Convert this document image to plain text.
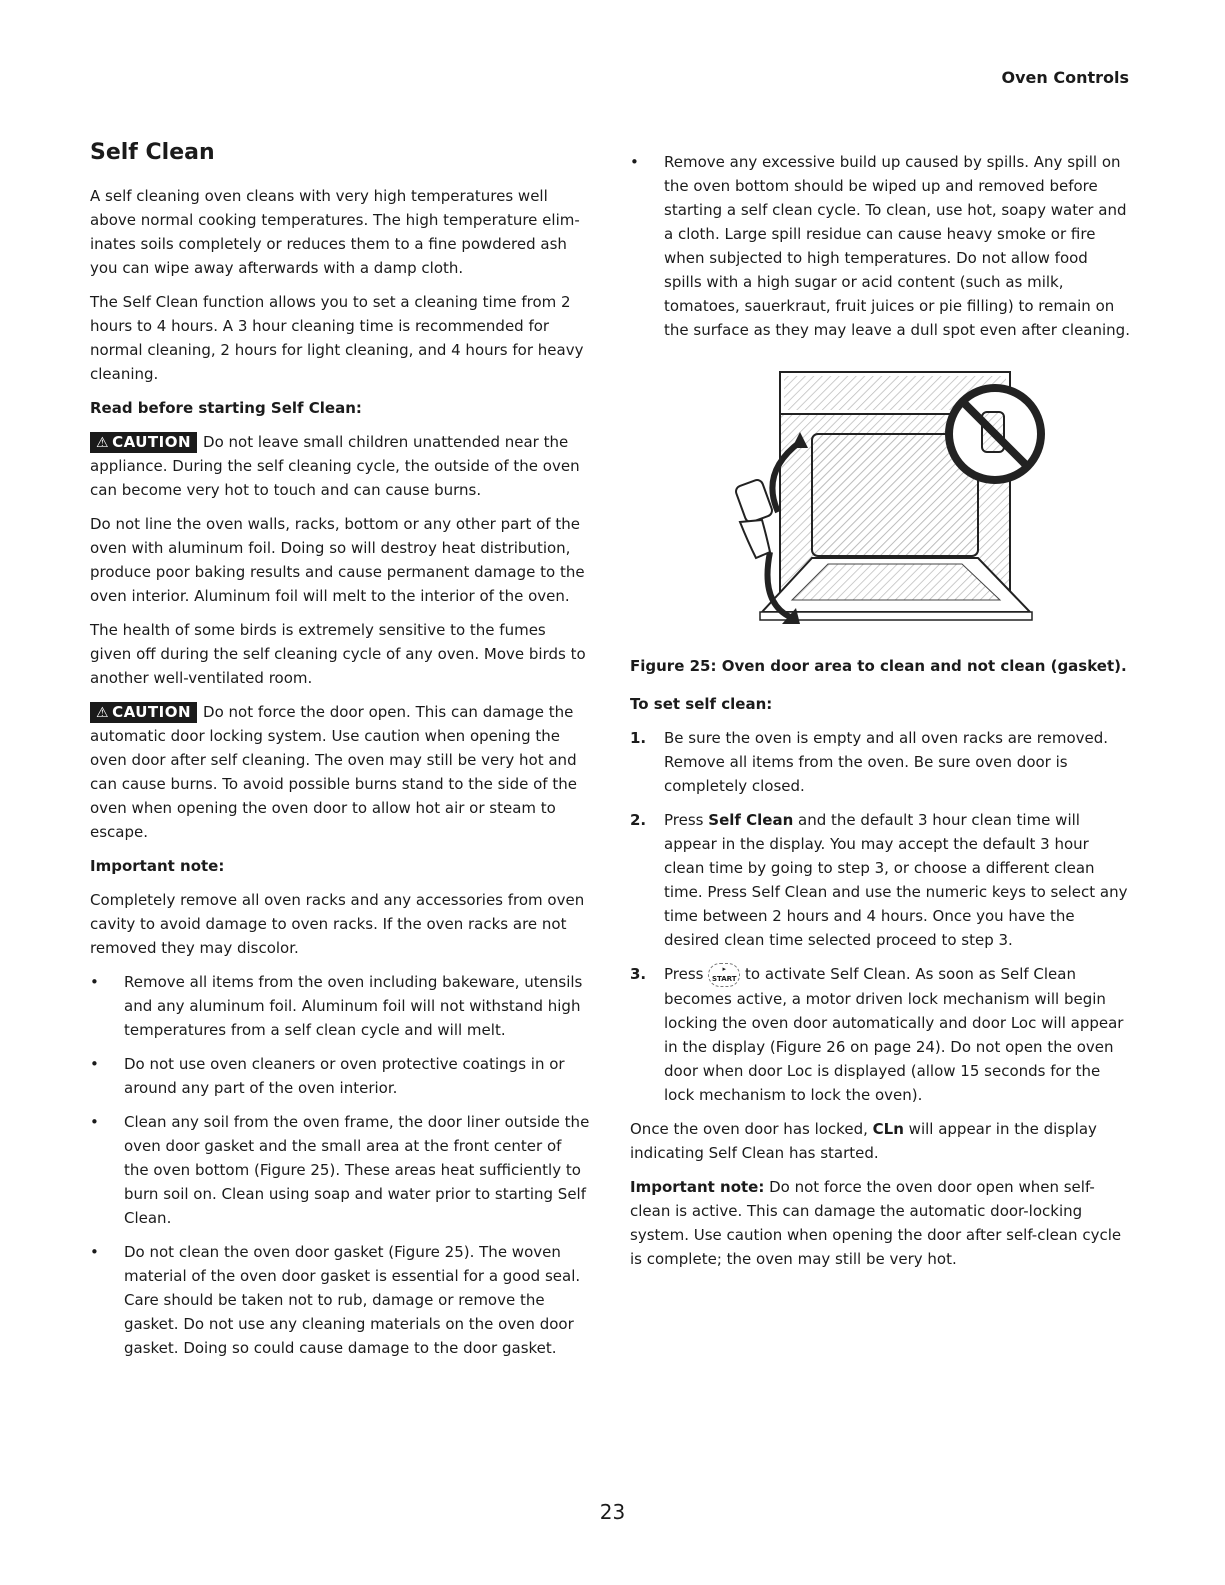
Oven Controls
Self Clean

A self cleaning oven cleans with very high temperatures well above normal cooking temperatures. The high temperature elim-inates soils completely or reduces them to a fine powdered ash you can wipe away afterwards with a damp cloth.

The Self Clean function allows you to set a cleaning time from 2 hours to 4 hours. A 3 hour cleaning time is recommended for normal cleaning, 2 hours for light cleaning, and 4 hours for heavy cleaning.

Read before starting Self Clean:

⚠ CAUTION Do not leave small children unattended near the appliance. During the self cleaning cycle, the outside of the oven can become very hot to touch and can cause burns.

Do not line the oven walls, racks, bottom or any other part of the oven with aluminum foil. Doing so will destroy heat distribution, produce poor baking results and cause permanent damage to the oven interior. Aluminum foil will melt to the interior of the oven.

The health of some birds is extremely sensitive to the fumes given off during the self cleaning cycle of any oven. Move birds to another well-ventilated room.

⚠ CAUTION Do not force the door open. This can damage the automatic door locking system. Use caution when opening the oven door after self cleaning. The oven may still be very hot and can cause burns. To avoid possible burns stand to the side of the oven when opening the oven door to allow hot air or steam to escape.

Important note:

Completely remove all oven racks and any accessories from oven cavity to avoid damage to oven racks. If the oven racks are not removed they may discolor.

• Remove all items from the oven including bakeware, utensils and any aluminum foil. Aluminum foil will not withstand high temperatures from a self clean cycle and will melt.
• Do not use oven cleaners or oven protective coatings in or around any part of the oven interior.
• Clean any soil from the oven frame, the door liner outside the oven door gasket and the small area at the front center of the oven bottom (Figure 25). These areas heat sufficiently to burn soil on. Clean using soap and water prior to starting Self Clean.
• Do not clean the oven door gasket (Figure 25). The woven material of the oven door gasket is essential for a good seal. Care should be taken not to rub, damage or remove the gasket. Do not use any cleaning materials on the oven door gasket. Doing so could cause damage to the door gasket.
• Remove any excessive build up caused by spills. Any spill on the oven bottom should be wiped up and removed before starting a self clean cycle. To clean, use hot, soapy water and a cloth. Large spill residue can cause heavy smoke or fire when subjected to high temperatures. Do not allow food spills with a high sugar or acid content (such as milk, tomatoes, sauerkraut, fruit juices or pie filling) to remain on the surface as they may leave a dull spot even after cleaning.

Figure 25: Oven door area to clean and not clean (gasket).

To set self clean:

1. Be sure the oven is empty and all oven racks are removed. Remove all items from the oven. Be sure oven door is completely closed.
2. Press Self Clean and the default 3 hour clean time will appear in the display. You may accept the default 3 hour clean time by going to step 3, or choose a different clean time. Press Self Clean and use the numeric keys to select any time between 2 hours and 4 hours. Once you have the desired clean time selected proceed to step 3.
3. Press	▸
START to activate Self Clean. As soon as Self Clean becomes active, a motor driven lock mechanism will begin locking the oven door automatically and door Loc will appear in the display (Figure 26 on page 24). Do not open the oven door when door Loc is displayed (allow 15 seconds for the lock mechanism to lock the oven).

Once the oven door has locked, CLn will appear in the display indicating Self Clean has started.

Important note: Do not force the oven door open when self-clean is active. This can damage the automatic door-locking system. Use caution when opening the door after self-clean cycle is complete; the oven may still be very hot.

23
